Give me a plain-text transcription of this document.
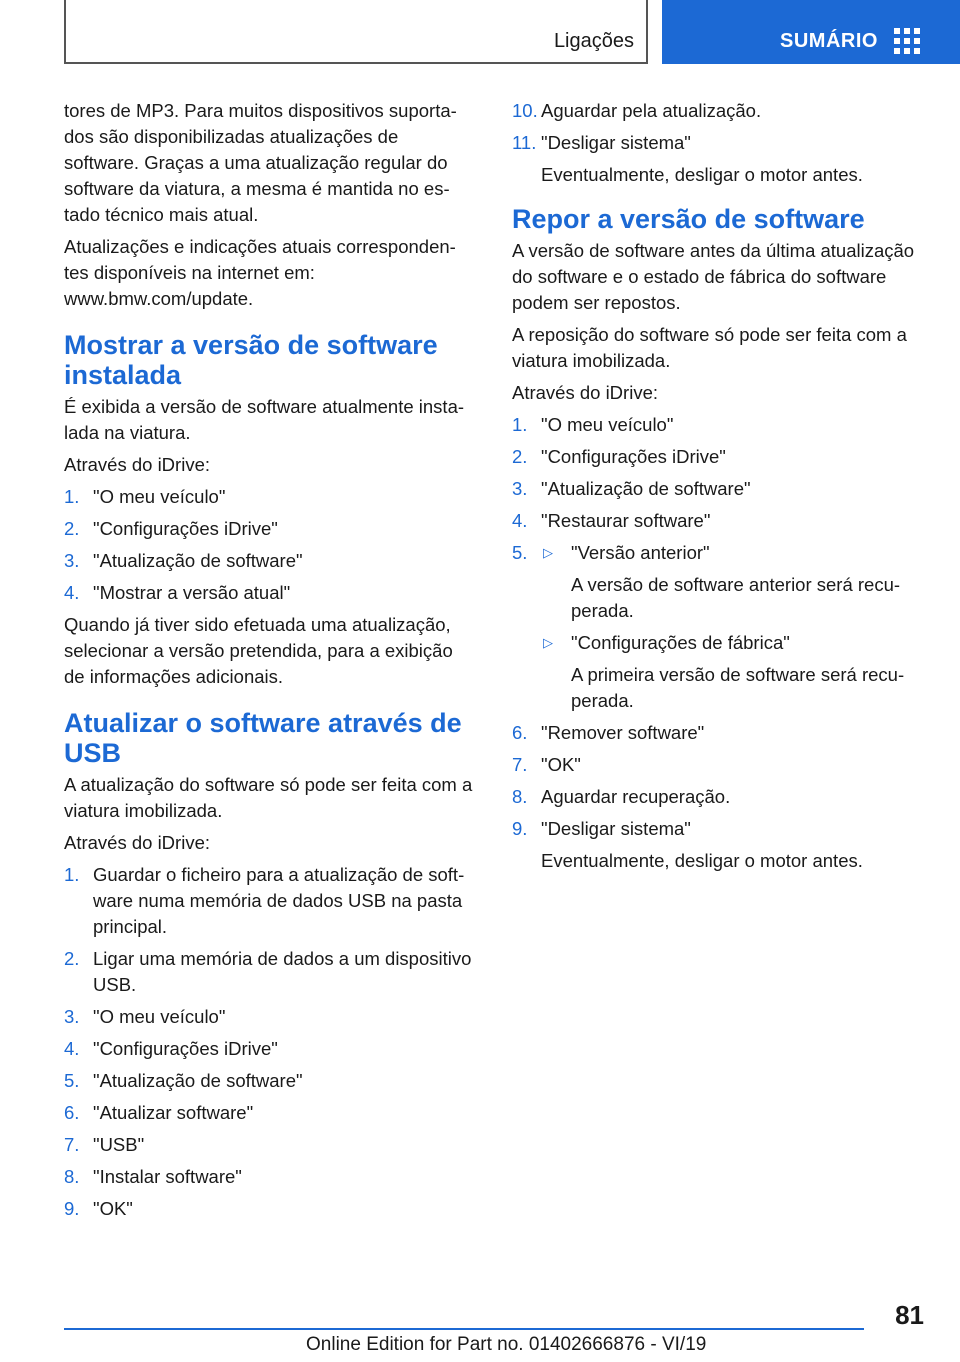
Ligações	SUMÁRIO

tores de MP3. Para muitos dispositivos suportados são disponibilizadas atualizações de software. Graças a uma atualização regular do software da viatura, a mesma é mantida no estado técnico mais atual.

Atualizações e indicações atuais correspondentes disponíveis na internet em: www.bmw.com/update.

Mostrar a versão de software instalada

É exibida a versão de software atualmente instalada na viatura.

Através do iDrive:

1. "O meu veículo"
2. "Configurações iDrive"
3. "Atualização de software"
4. "Mostrar a versão atual"

Quando já tiver sido efetuada uma atualização, selecionar a versão pretendida, para a exibição de informações adicionais.

Atualizar o software através de USB

A atualização do software só pode ser feita com a viatura imobilizada.

Através do iDrive:

1. Guardar o ficheiro para a atualização de software numa memória de dados USB na pasta principal.
2. Ligar uma memória de dados a um dispositivo USB.
3. "O meu veículo"
4. "Configurações iDrive"
5. "Atualização de software"
6. "Atualizar software"
7. "USB"
8. "Instalar software"
9. "OK"
10. Aguardar pela atualização.
11. "Desligar sistema"
Eventualmente, desligar o motor antes.
Repor a versão de software

A versão de software antes da última atualização do software e o estado de fábrica do software podem ser repostos.

A reposição do software só pode ser feita com a viatura imobilizada.

Através do iDrive:

1. "O meu veículo"
2. "Configurações iDrive"
3. "Atualização de software"
4. "Restaurar software"
5. ▷ "Versão anterior"
A versão de software anterior será recuperada.
▷ "Configurações de fábrica"
A primeira versão de software será recuperada.
6. "Remover software"
7. "OK"
8. Aguardar recuperação.
9. "Desligar sistema"
Eventualmente, desligar o motor antes.
81
Online Edition for Part no. 01402666876 - VI/19
